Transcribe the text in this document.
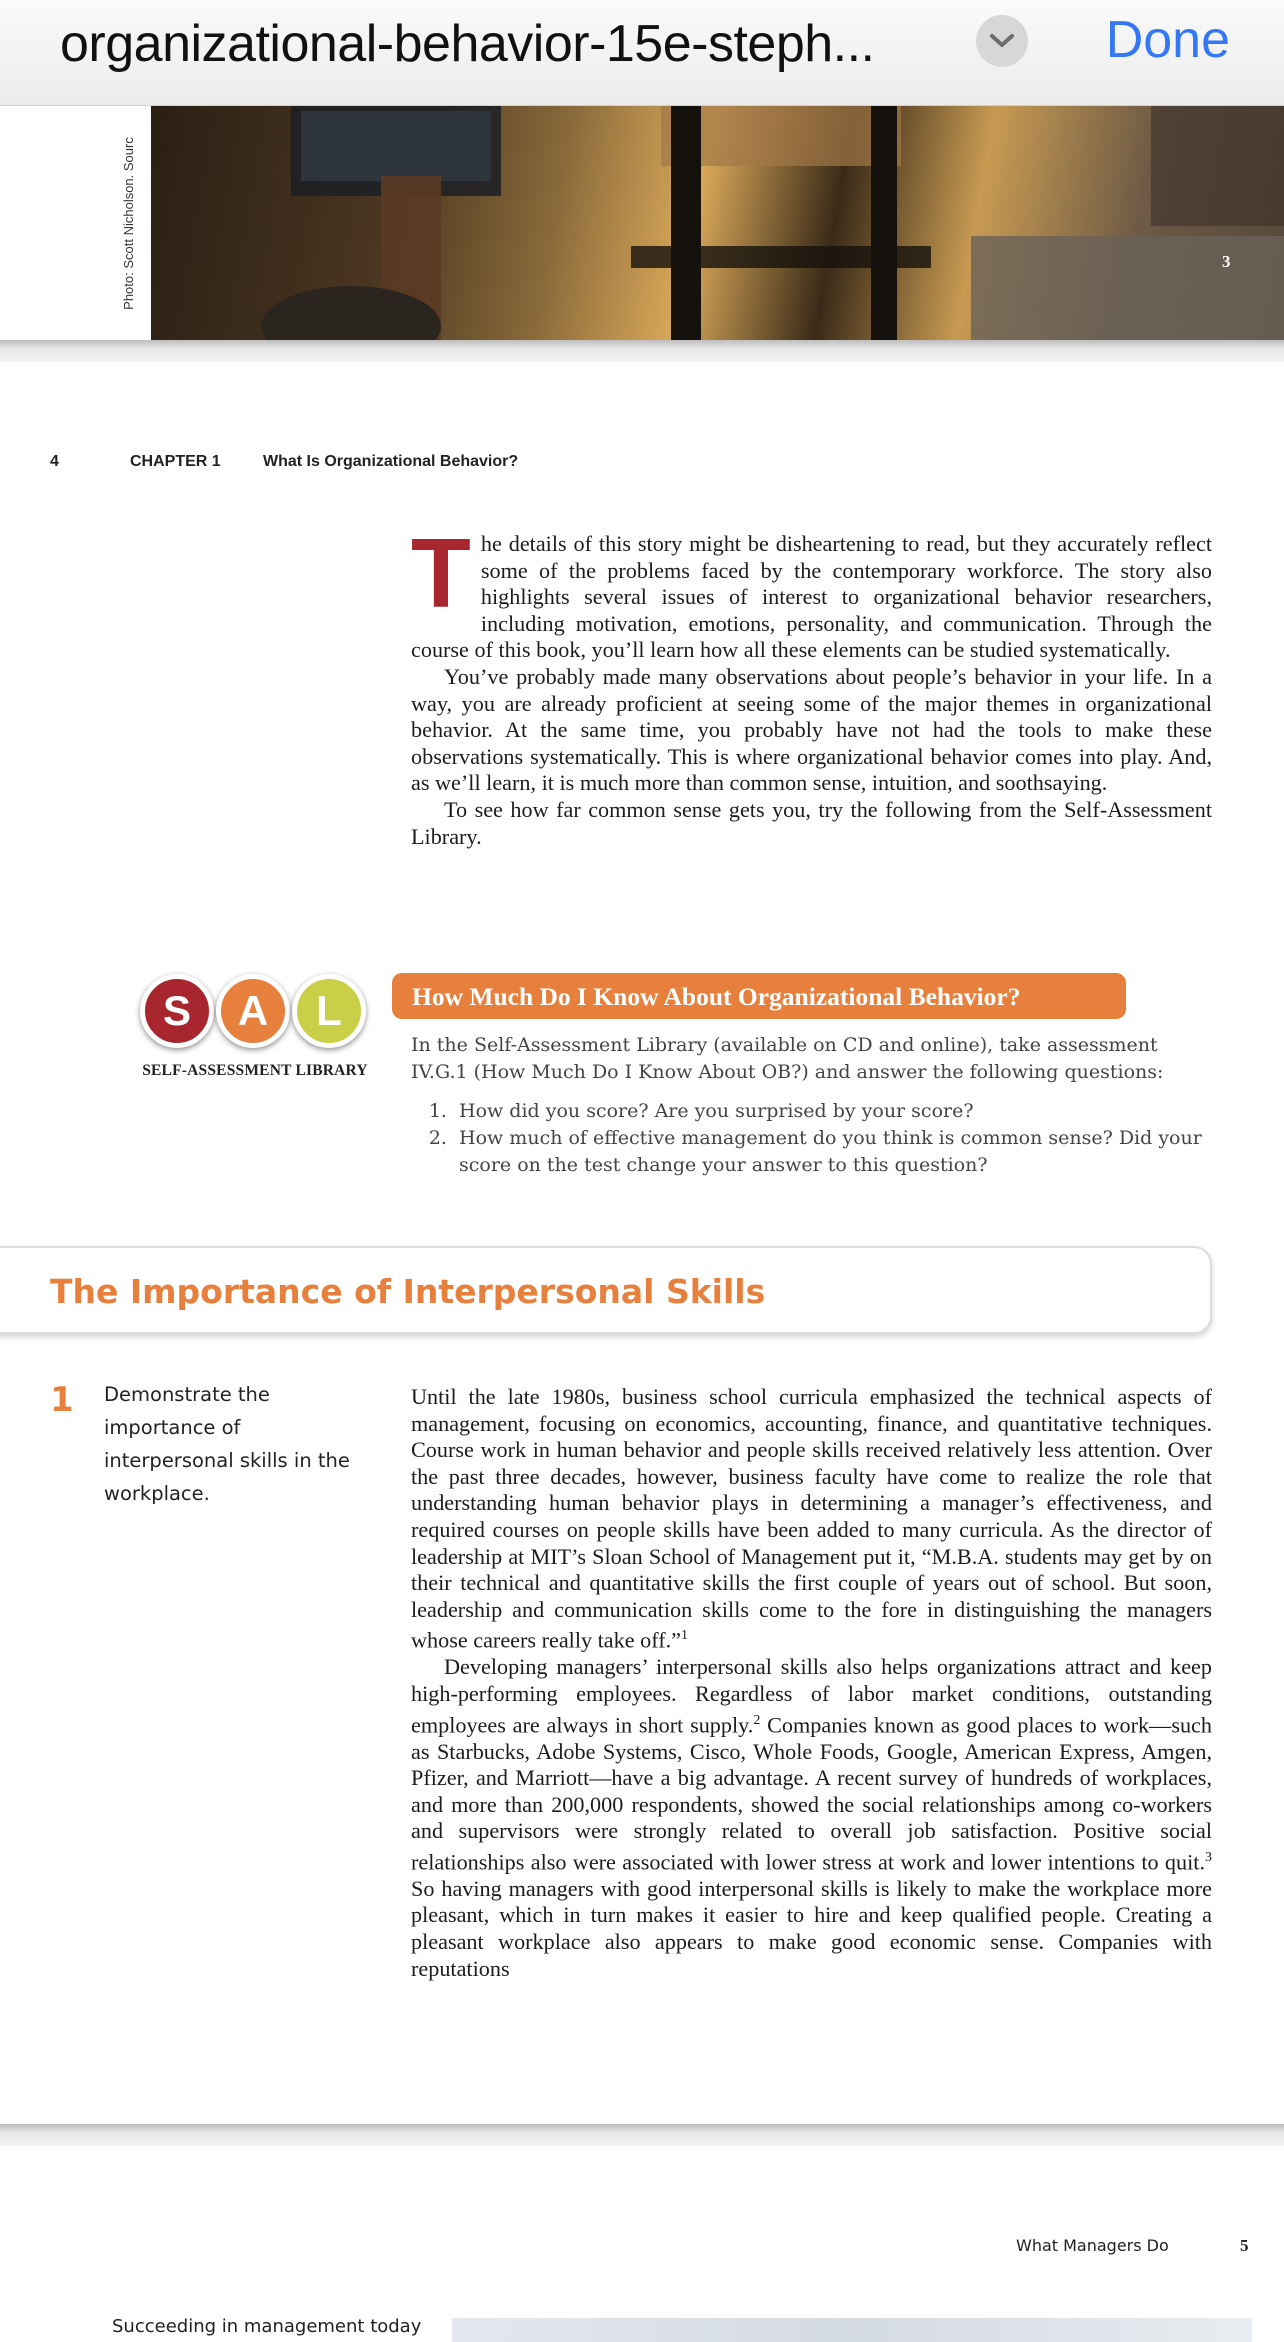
organizational-behavior-15e-steph...	Done
Photo: Scott Nicholson. Sourc	3
4	CHAPTER 1	What Is Organizational Behavior?

The details of this story might be disheartening to read, but they accurately reflect some of the problems faced by the contemporary workforce. The story also highlights several issues of interest to organizational behavior researchers, including motivation, emotions, personality, and communication. Through the course of this book, you’ll learn how all these elements can be studied systematically.

You’ve probably made many observations about people’s behavior in your life. In a way, you are already proficient at seeing some of the major themes in organizational behavior. At the same time, you probably have not had the tools to make these observations systematically. This is where organizational behavior comes into play. And, as we’ll learn, it is much more than common sense, intuition, and soothsaying.

To see how far common sense gets you, try the following from the Self-Assessment Library.

S	A	L
SELF-ASSESSMENT LIBRARY
How Much Do I Know About Organizational Behavior?
In the Self-Assessment Library (available on CD and online), take assessment IV.G.1 (How Much Do I Know About OB?) and answer the following questions:
1. How did you score? Are you surprised by your score?
2. How much of effective management do you think is common sense? Did your score on the test change your answer to this question?
The Importance of Interpersonal Skills
1 Demonstrate the importance of interpersonal skills in the workplace.

Until the late 1980s, business school curricula emphasized the technical aspects of management, focusing on economics, accounting, finance, and quantitative techniques. Course work in human behavior and people skills received relatively less attention. Over the past three decades, however, business faculty have come to realize the role that understanding human behavior plays in determining a manager’s effectiveness, and required courses on people skills have been added to many curricula. As the director of leadership at MIT’s Sloan School of Management put it, “M.B.A. students may get by on their technical and quantitative skills the first couple of years out of school. But soon, leadership and communication skills come to the fore in distinguishing the managers whose careers really take off.”$^1$

Developing managers’ interpersonal skills also helps organizations attract and keep high-performing employees. Regardless of labor market conditions, outstanding employees are always in short supply.$^2$ Companies known as good places to work—such as Starbucks, Adobe Systems, Cisco, Whole Foods, Google, American Express, Amgen, Pfizer, and Marriott—have a big advantage. A recent survey of hundreds of workplaces, and more than 200,000 respondents, showed the social relationships among co-workers and supervisors were strongly related to overall job satisfaction. Positive social relationships also were associated with lower stress at work and lower intentions to quit.$^3$ So having managers with good interpersonal skills is likely to make the workplace more pleasant, which in turn makes it easier to hire and keep qualified people. Creating a pleasant workplace also appears to make good economic sense. Companies with reputations

What Managers Do	5
Succeeding in management today
